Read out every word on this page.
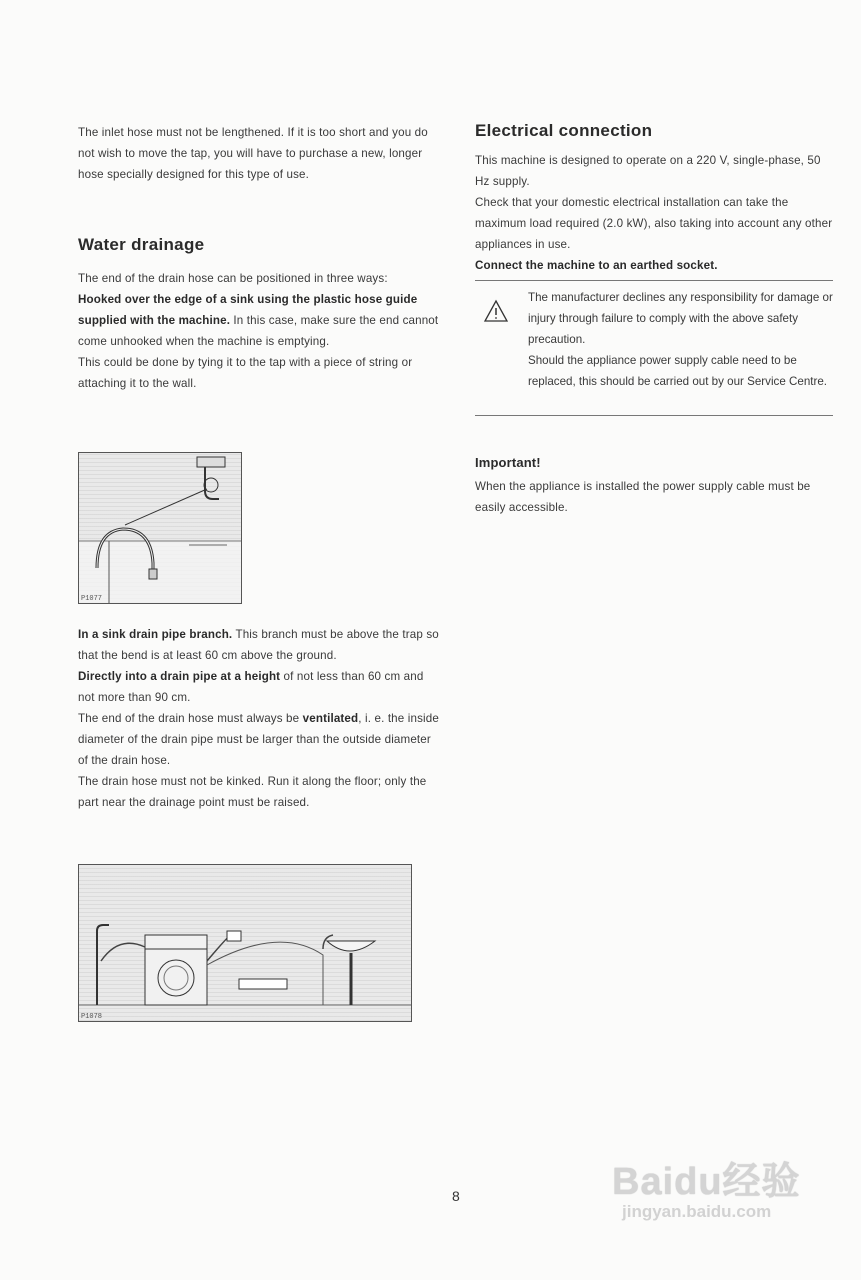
The inlet hose must not be lengthened. If it is too short and you do not wish to move the tap, you will have to purchase a new, longer hose specially designed for this type of use.

Water drainage

The end of the drain hose can be positioned in three ways:

Hooked over the edge of a sink using the plastic hose guide supplied with the machine. In this case, make sure the end cannot come unhooked when the machine is emptying.

This could be done by tying it to the tap with a piece of string or attaching it to the wall.

P1077

In a sink drain pipe branch. This branch must be above the trap so that the bend is at least 60 cm above the ground.

Directly into a drain pipe at a height of not less than 60 cm and not more than 90 cm.

The end of the drain hose must always be ventilated, i. e. the inside diameter of the drain pipe must be larger than the outside diameter of the drain hose.

The drain hose must not be kinked. Run it along the floor; only the part near the drainage point must be raised.

P1078
Electrical connection

This machine is designed to operate on a 220 V, single-phase, 50 Hz supply.

Check that your domestic electrical installation can take the maximum load required (2.0 kW), also taking into account any other appliances in use.

Connect the machine to an earthed socket.

The manufacturer declines any responsibility for damage or injury through failure to comply with the above safety precaution.

Should the appliance power supply cable need to be replaced, this should be carried out by our Service Centre.

Important!

When the appliance is installed the power supply cable must be easily accessible.

8	Baidu经验
jingyan.baidu.com
